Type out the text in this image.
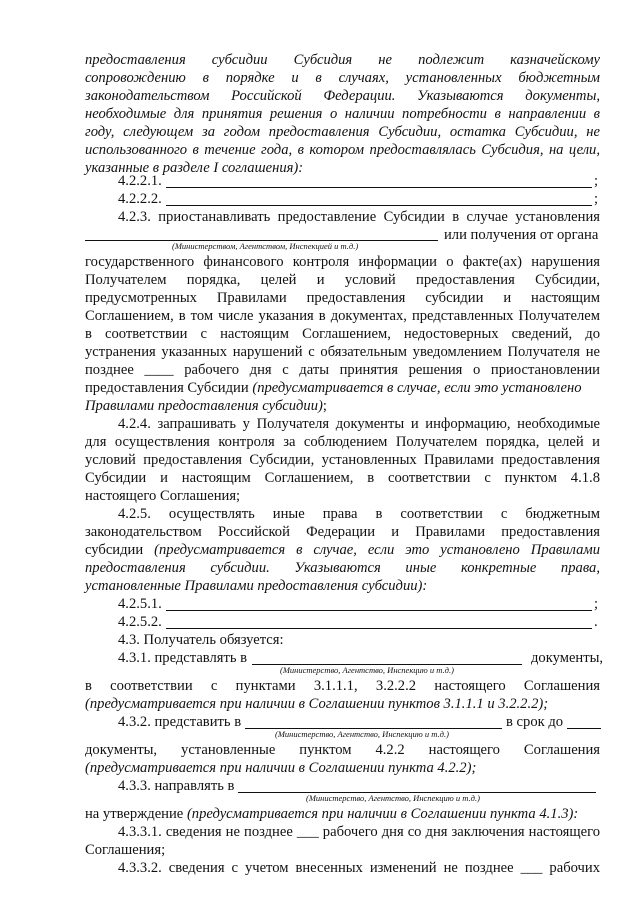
предоставления субсидии Субсидия не подлежит казначейскому
сопровождению в порядке и в случаях, установленных бюджетным
законодательством Российской Федерации. Указываются документы,
необходимые для принятия решения о наличии потребности в направлении в
году, следующем за годом предоставления Субсидии, остатка Субсидии, не
использованного в течение года, в котором предоставлялась Субсидия, на цели,
указанные в разделе I соглашения):
4.2.2.1.	;
4.2.2.2.	;
4.2.3. приостанавливать предоставление Субсидии в случае установления
или получения от органа
(Министерством, Агентством, Инспекцией и т.д.)
государственного финансового контроля информации о факте(ах) нарушения
Получателем порядка, целей и условий предоставления Субсидии,
предусмотренных Правилами предоставления субсидии и настоящим
Соглашением, в том числе указания в документах, представленных Получателем
в соответствии с настоящим Соглашением, недостоверных сведений, до
устранения указанных нарушений с обязательным уведомлением Получателя не
позднее ____ рабочего дня с даты принятия решения о приостановлении
предоставления Субсидии (предусматривается в случае, если это установлено
Правилами предоставления субсидии);
4.2.4. запрашивать у Получателя документы и информацию, необходимые
для осуществления контроля за соблюдением Получателем порядка, целей и
условий предоставления Субсидии, установленных Правилами предоставления
Субсидии и настоящим Соглашением, в соответствии с пунктом 4.1.8
настоящего Соглашения;
4.2.5. осуществлять иные права в соответствии с бюджетным
законодательством Российской Федерации и Правилами предоставления
субсидии (предусматривается в случае, если это установлено Правилами
предоставления субсидии. Указываются иные конкретные права,
установленные Правилами предоставления субсидии):
4.2.5.1.	;
4.2.5.2.	.
4.3. Получатель обязуется:
4.3.1. представлять в	документы,
(Министерство, Агентство, Инспекцию и т.д.)
в соответствии с пунктами 3.1.1.1, 3.2.2.2 настоящего Соглашения
(предусматривается при наличии в Соглашении пунктов 3.1.1.1 и 3.2.2.2);
4.3.2. представить в	в срок до
(Министерство, Агентство, Инспекцию и т.д.)
документы, установленные пунктом 4.2.2 настоящего Соглашения
(предусматривается при наличии в Соглашении пункта 4.2.2);
4.3.3. направлять в
(Министерство, Агентство, Инспекцию и т.д.)
на утверждение (предусматривается при наличии в Соглашении пункта 4.1.3):
4.3.3.1. сведения не позднее ___ рабочего дня со дня заключения настоящего
Соглашения;
4.3.3.2. сведения с учетом внесенных изменений не позднее ___ рабочих
